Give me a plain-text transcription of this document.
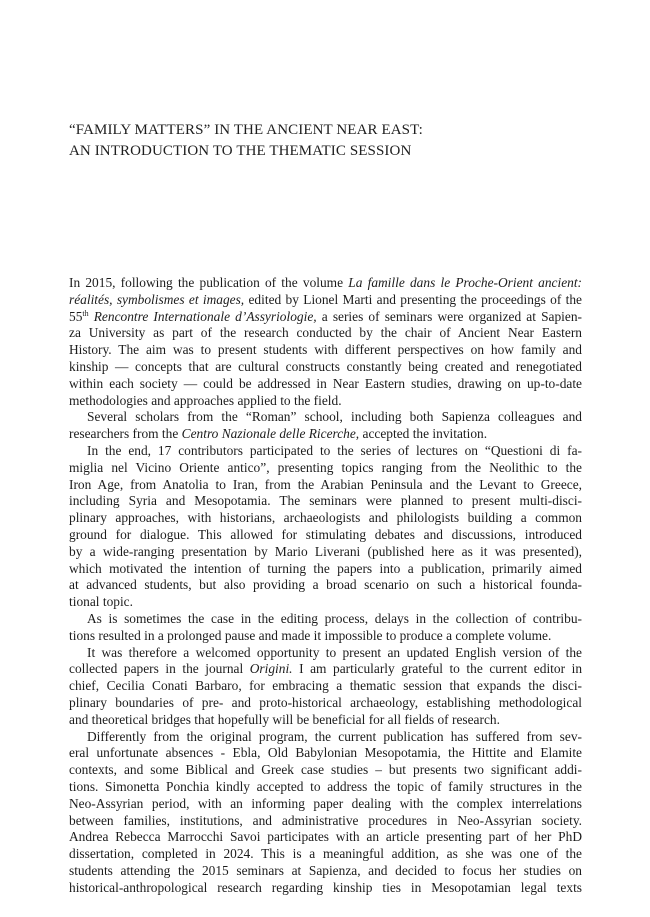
“FAMILY MATTERS” IN THE ANCIENT NEAR EAST:
AN INTRODUCTION TO THE THEMATIC SESSION
In 2015, following the publication of the volume La famille dans le Proche-Orient ancient:
réalités, symbolismes et images, edited by Lionel Marti and presenting the proceedings of the
55th Rencontre Internationale d’Assyriologie, a series of seminars were organized at Sapien-
za University as part of the research conducted by the chair of Ancient Near Eastern
History. The aim was to present students with different perspectives on how family and
kinship — concepts that are cultural constructs constantly being created and renegotiated
within each society — could be addressed in Near Eastern studies, drawing on up-to-date
methodologies and approaches applied to the field.
Several scholars from the “Roman” school, including both Sapienza colleagues and
researchers from the Centro Nazionale delle Ricerche, accepted the invitation.
In the end, 17 contributors participated to the series of lectures on “Questioni di fa-
miglia nel Vicino Oriente antico”, presenting topics ranging from the Neolithic to the
Iron Age, from Anatolia to Iran, from the Arabian Peninsula and the Levant to Greece,
including Syria and Mesopotamia. The seminars were planned to present multi-disci-
plinary approaches, with historians, archaeologists and philologists building a common
ground for dialogue. This allowed for stimulating debates and discussions, introduced
by a wide-ranging presentation by Mario Liverani (published here as it was presented),
which motivated the intention of turning the papers into a publication, primarily aimed
at advanced students, but also providing a broad scenario on such a historical founda-
tional topic.
As is sometimes the case in the editing process, delays in the collection of contribu-
tions resulted in a prolonged pause and made it impossible to produce a complete volume.
It was therefore a welcomed opportunity to present an updated English version of the
collected papers in the journal Origini. I am particularly grateful to the current editor in
chief, Cecilia Conati Barbaro, for embracing a thematic session that expands the disci-
plinary boundaries of pre- and proto-historical archaeology, establishing methodological
and theoretical bridges that hopefully will be beneficial for all fields of research.
Differently from the original program, the current publication has suffered from sev-
eral unfortunate absences - Ebla, Old Babylonian Mesopotamia, the Hittite and Elamite
contexts, and some Biblical and Greek case studies – but presents two significant addi-
tions. Simonetta Ponchia kindly accepted to address the topic of family structures in the
Neo-Assyrian period, with an informing paper dealing with the complex interrelations
between families, institutions, and administrative procedures in Neo-Assyrian society.
Andrea Rebecca Marrocchi Savoi participates with an article presenting part of her PhD
dissertation, completed in 2024. This is a meaningful addition, as she was one of the
students attending the 2015 seminars at Sapienza, and decided to focus her studies on
historical-anthropological research regarding kinship ties in Mesopotamian legal texts
